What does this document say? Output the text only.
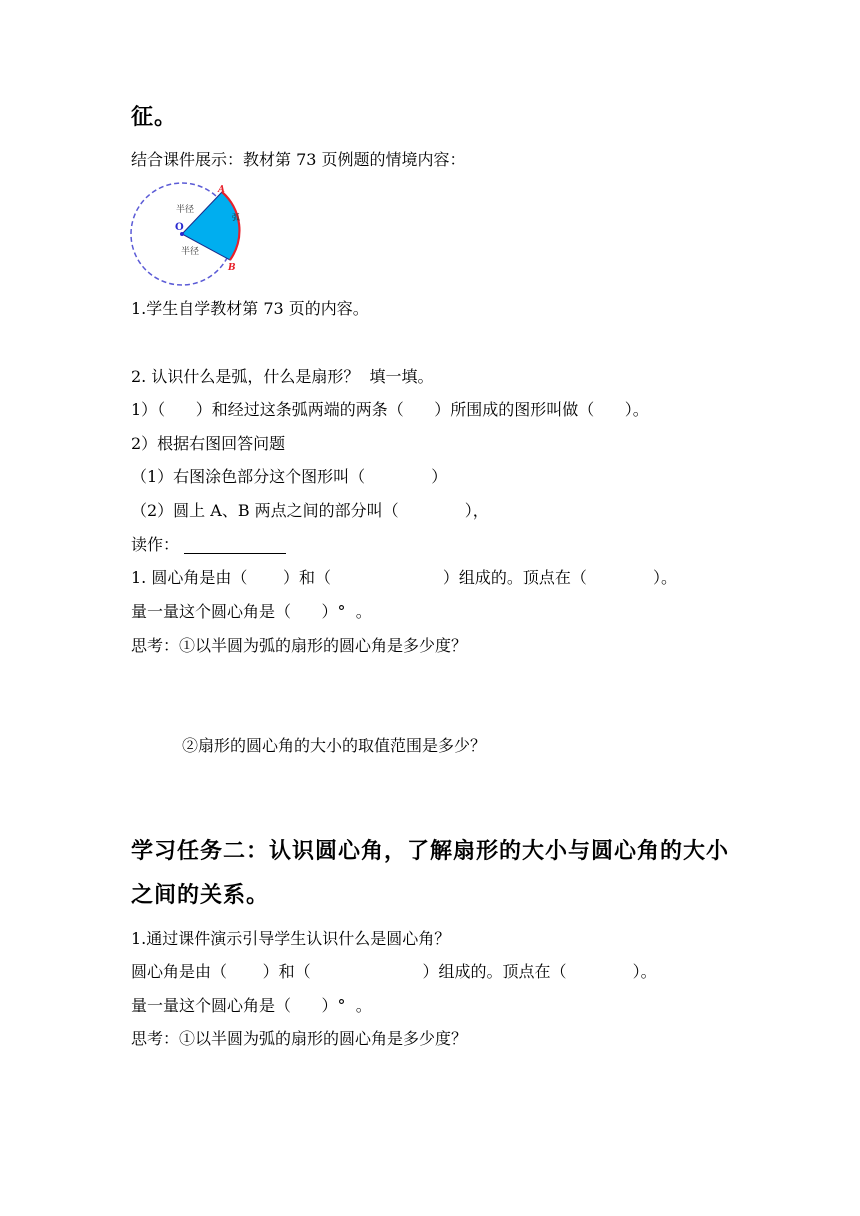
征。
结合课件展示：教材第 73 页例题的情境内容：
O
A
B
半径
半径
弧
1.学生自学教材第 73 页的内容。
2. 认识什么是弧，什么是扇形？  填一填。
1）（      ）和经过这条弧两端的两条（      ）所围成的图形叫做（      ）。
2）根据右图回答问题
（1）右图涂色部分这个图形叫（             ）
（2）圆上 A、B 两点之间的部分叫（             ），
读作：
1. 圆心角是由（       ）和（                      ）组成的。顶点在（             ）。
量一量这个圆心角是（      ）°  。
思考：①以半圆为弧的扇形的圆心角是多少度？
②扇形的圆心角的大小的取值范围是多少？
学习任务二：认识圆心角，了解扇形的大小与圆心角的大小
之间的关系。
1.通过课件演示引导学生认识什么是圆心角？
圆心角是由（       ）和（                      ）组成的。顶点在（             ）。
量一量这个圆心角是（      ）°  。
思考：①以半圆为弧的扇形的圆心角是多少度？
